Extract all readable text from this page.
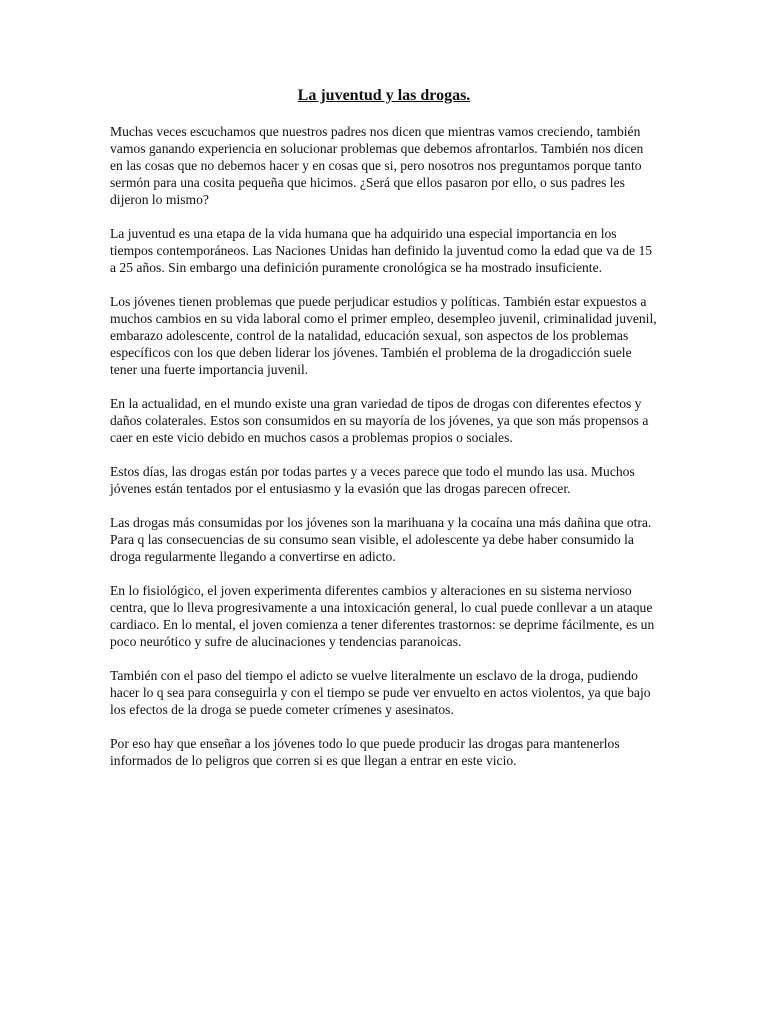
La juventud y las drogas.

Muchas veces escuchamos que nuestros padres nos dicen que mientras vamos creciendo, también vamos ganando experiencia en solucionar problemas que debemos afrontarlos. También nos dicen en las cosas que no debemos hacer y en cosas que si, pero nosotros nos preguntamos porque tanto sermón para una cosita pequeña que hicimos. ¿Será que ellos pasaron por ello, o sus padres les dijeron lo mismo?

La juventud es una etapa de la vida humana que ha adquirido una especial importancia en los tiempos contemporáneos. Las Naciones Unidas han definido la juventud como la edad que va de 15 a 25 años. Sin embargo una definición puramente cronológica se ha mostrado insuficiente.

Los jóvenes tienen problemas que puede perjudicar estudios y políticas. También estar expuestos a muchos cambios en su vida laboral como el primer empleo, desempleo juvenil, criminalidad juvenil, embarazo adolescente, control de la natalidad, educación sexual, son aspectos de los problemas específicos con los que deben liderar los jóvenes. También el problema de la drogadicción suele tener una fuerte importancia juvenil.

En la actualidad, en el mundo existe una gran variedad de tipos de drogas con diferentes efectos y daños colaterales. Estos son consumidos en su mayoría de los jóvenes, ya que son más propensos a caer en este vicio debido en muchos casos a problemas propios o sociales.

Estos días, las drogas están por todas partes y a veces parece que todo el mundo las usa. Muchos jóvenes están tentados por el entusiasmo y la evasión que las drogas parecen ofrecer.

Las drogas más consumidas por los jóvenes son la marihuana y la cocaína una más dañina que otra. Para q las consecuencias de su consumo sean visible, el adolescente ya debe haber consumido la droga regularmente llegando a convertirse en adicto.

En lo fisiológico, el joven experimenta diferentes cambios y alteraciones en su sistema nervioso centra, que lo lleva progresivamente a una intoxicación general, lo cual puede conllevar a un ataque cardiaco. En lo mental, el joven comienza a tener diferentes trastornos: se deprime fácilmente, es un poco neurótico y sufre de alucinaciones y tendencias paranoicas.

También con el paso del tiempo el adicto se vuelve literalmente un esclavo de la droga, pudiendo hacer lo q sea para conseguirla y con el tiempo se pude ver envuelto en actos violentos, ya que bajo los efectos de la droga se puede cometer crímenes y asesinatos.

Por eso hay que enseñar a los jóvenes todo lo que puede producir las drogas para mantenerlos informados de lo peligros que corren si es que llegan a entrar en este vicio.
